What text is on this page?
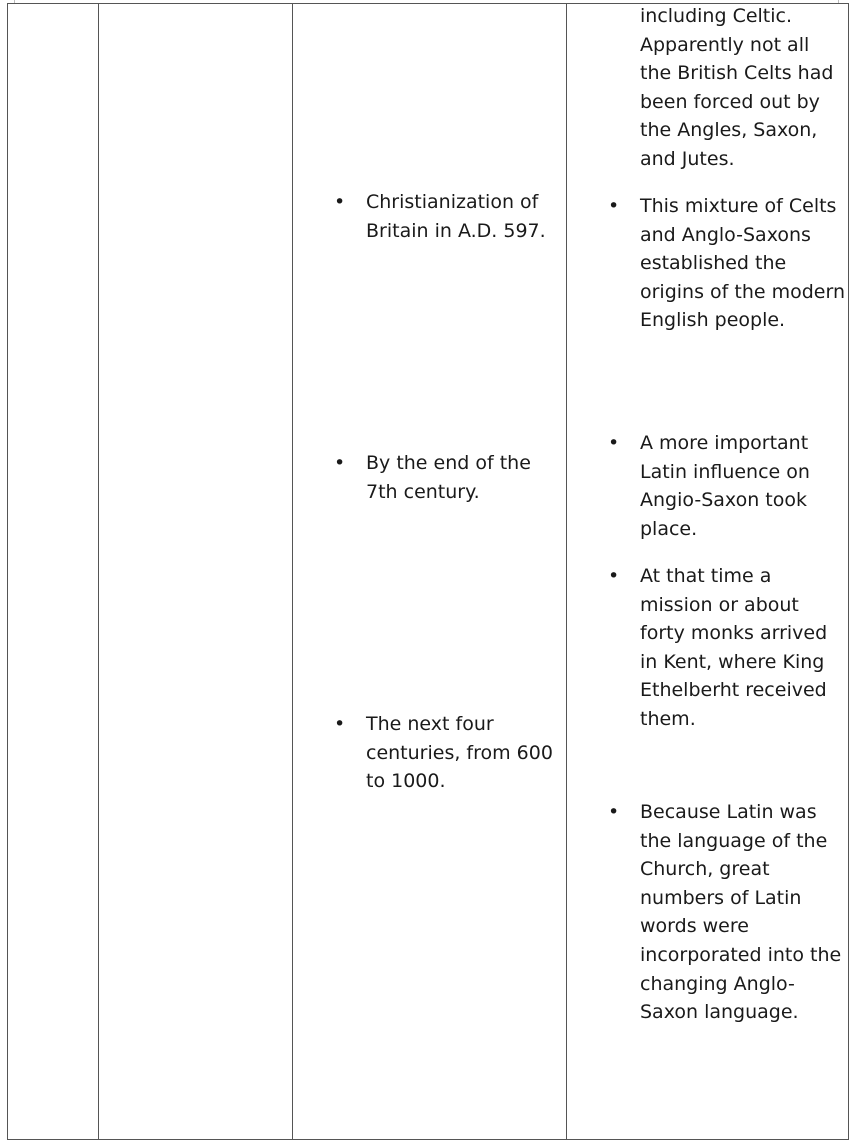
including Celtic. Apparently not all the British Celts had been forced out by the Angles, Saxon, and Jutes.
• Christianization of Britain in A.D. 597.
• By the end of the 7th century.
• The next four centuries, from 600 to 1000.
• This mixture of Celts and Anglo-Saxons established the origins of the modern English people.
• A more important Latin influence on Angio-Saxon took place.
• At that time a mission or about forty monks arrived in Kent, where King Ethelberht received them.
• Because Latin was the language of the Church, great numbers of Latin words were incorporated into the changing Anglo-Saxon language.
